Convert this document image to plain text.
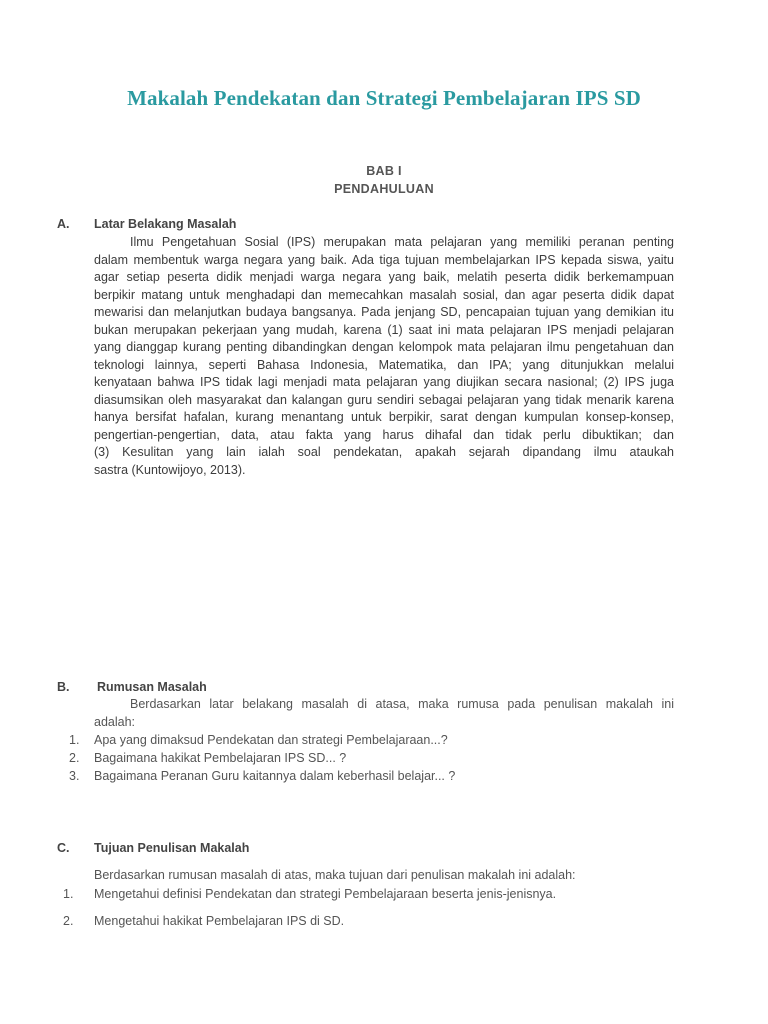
Makalah Pendekatan dan Strategi Pembelajaran IPS SD
BAB I
PENDAHULUAN
A. Latar Belakang Masalah
Ilmu Pengetahuan Sosial (IPS) merupakan mata pelajaran yang memiliki peranan penting
dalam membentuk warga negara yang baik. Ada tiga tujuan membelajarkan IPS kepada siswa, yaitu
agar setiap peserta didik menjadi warga negara yang baik, melatih peserta didik berkemampuan
berpikir matang untuk menghadapi dan memecahkan masalah sosial, dan agar peserta didik dapat
mewarisi dan melanjutkan budaya bangsanya. Pada jenjang SD, pencapaian tujuan yang demikian itu
bukan merupakan pekerjaan yang mudah, karena (1) saat ini mata pelajaran IPS menjadi pelajaran
yang dianggap kurang penting dibandingkan dengan kelompok mata pelajaran ilmu pengetahuan dan
teknologi lainnya, seperti Bahasa Indonesia, Matematika, dan IPA; yang ditunjukkan melalui
kenyataan bahwa IPS tidak lagi menjadi mata pelajaran yang diujikan secara nasional; (2) IPS juga
diasumsikan oleh masyarakat dan kalangan guru sendiri sebagai pelajaran yang tidak menarik karena
hanya bersifat hafalan, kurang menantang untuk berpikir, sarat dengan kumpulan konsep-konsep,
pengertian-pengertian, data, atau fakta yang harus dihafal dan tidak perlu dibuktikan; dan
(3) Kesulitan yang lain ialah soal pendekatan, apakah sejarah dipandang ilmu ataukah
sastra (Kuntowijoyo, 2013).
B. Rumusan Masalah
Berdasarkan latar belakang masalah di atasa, maka rumusa pada penulisan makalah ini
adalah:
1. Apa yang dimaksud Pendekatan dan strategi Pembelajaraan...?
2. Bagaimana hakikat Pembelajaran IPS SD... ?
3. Bagaimana Peranan Guru kaitannya dalam keberhasil belajar... ?
C. Tujuan Penulisan Makalah
Berdasarkan rumusan masalah di atas, maka tujuan dari penulisan makalah ini adalah:
1. Mengetahui definisi Pendekatan dan strategi Pembelajaraan beserta jenis-jenisnya.
2. Mengetahui hakikat Pembelajaran IPS di SD.
